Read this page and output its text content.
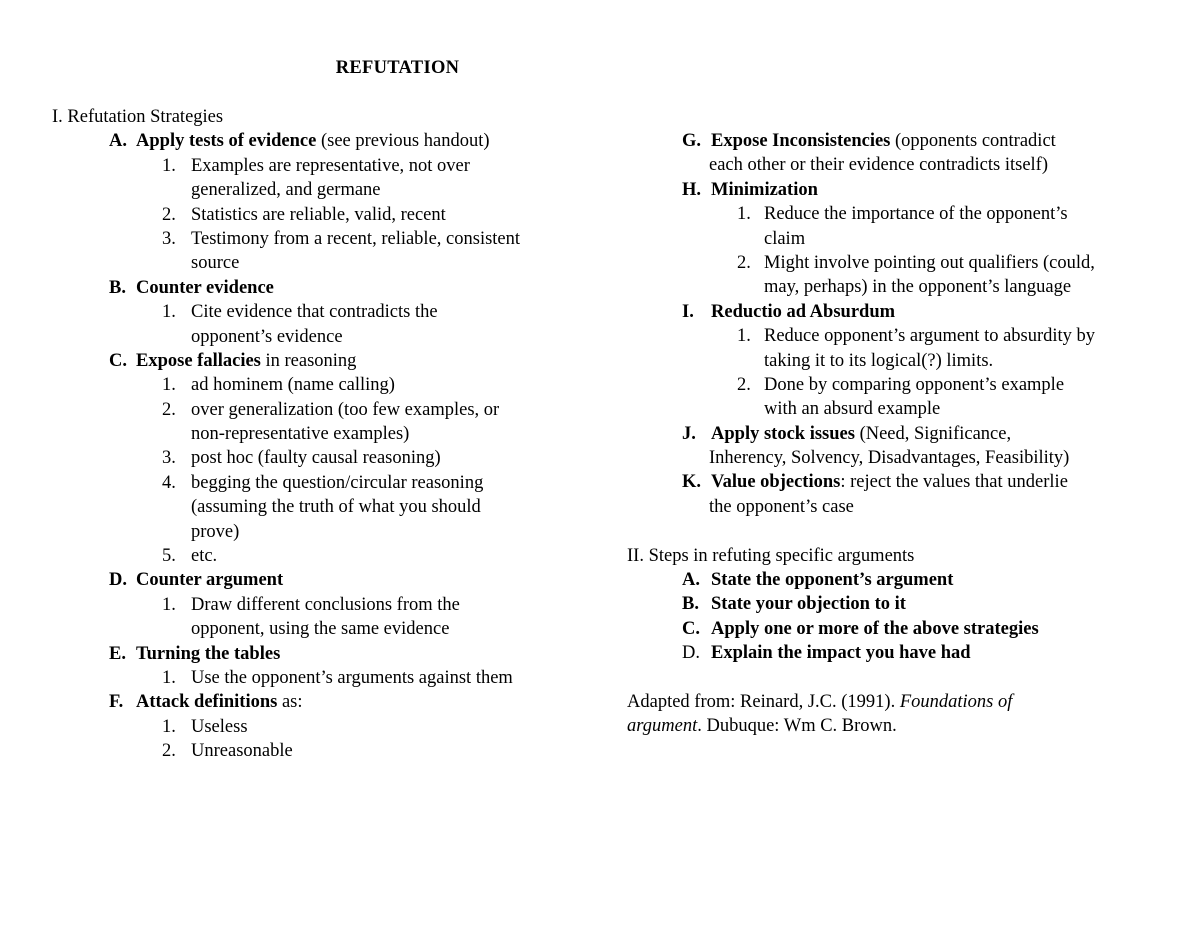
REFUTATION
I. Refutation Strategies
A. Apply tests of evidence (see previous handout)
1. Examples are representative, not over
generalized, and germane
2. Statistics are reliable, valid, recent
3. Testimony from a recent, reliable, consistent
source
B. Counter evidence
1. Cite evidence that contradicts the
opponent’s evidence
C. Expose fallacies in reasoning
1. ad hominem (name calling)
2. over generalization (too few examples, or
non-representative examples)
3. post hoc (faulty causal reasoning)
4. begging the question/circular reasoning
(assuming the truth of what you should
prove)
5. etc.
D. Counter argument
1. Draw different conclusions from the
opponent, using the same evidence
E. Turning the tables
1. Use the opponent’s arguments against them
F. Attack definitions as:
1. Useless
2. Unreasonable
G. Expose Inconsistencies (opponents contradict
each other or their evidence contradicts itself)
H. Minimization
1. Reduce the importance of the opponent’s
claim
2. Might involve pointing out qualifiers (could,
may, perhaps) in the opponent’s language
I. Reductio ad Absurdum
1. Reduce opponent’s argument to absurdity by
taking it to its logical(?) limits.
2. Done by comparing opponent’s example
with an absurd example
J. Apply stock issues (Need, Significance,
Inherency, Solvency, Disadvantages, Feasibility)
K. Value objections: reject the values that underlie
the opponent’s case
II. Steps in refuting specific arguments
A. State the opponent’s argument
B. State your objection to it
C. Apply one or more of the above strategies
D. Explain the impact you have had
Adapted from: Reinard, J.C. (1991). Foundations of
argument. Dubuque: Wm C. Brown.
